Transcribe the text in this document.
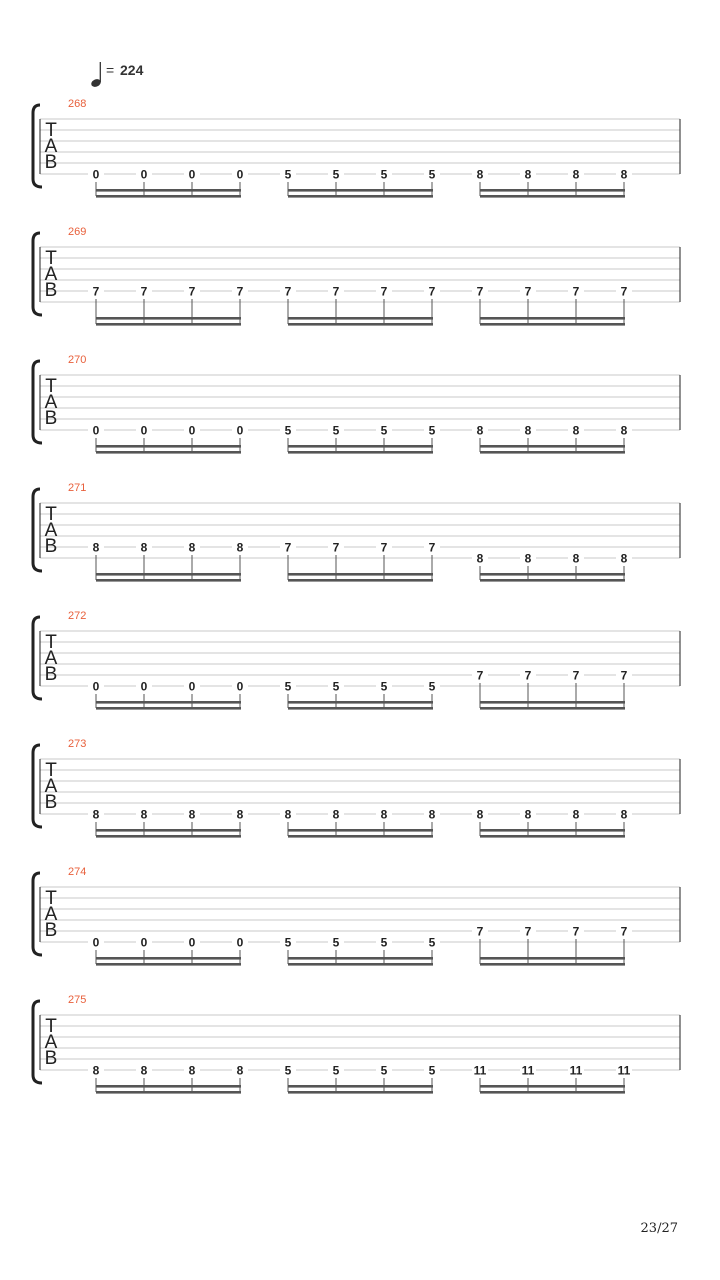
= 224
268
T
A
B
0	0	0	0	5	5	5	5	8	8	8	8
269
T
A
B	7	7	7	7	7	7	7	7	7	7	7	7
270
T
A
B
0	0	0	0	5	5	5	5	8	8	8	8
271
T
A
B	8	8	8	8	7	7	7	7
8	8	8	8
272
T
A
B
0	0	0	0	5	5	5	5
7	7	7	7
273
T
A
B
8	8	8	8	8	8	8	8	8	8	8	8
274
T
A
B
0	0	0	0	5	5	5	5
7	7	7	7
275
T
A
B
8	8	8	8	5	5	5	5	11	11	11	11
23/27
